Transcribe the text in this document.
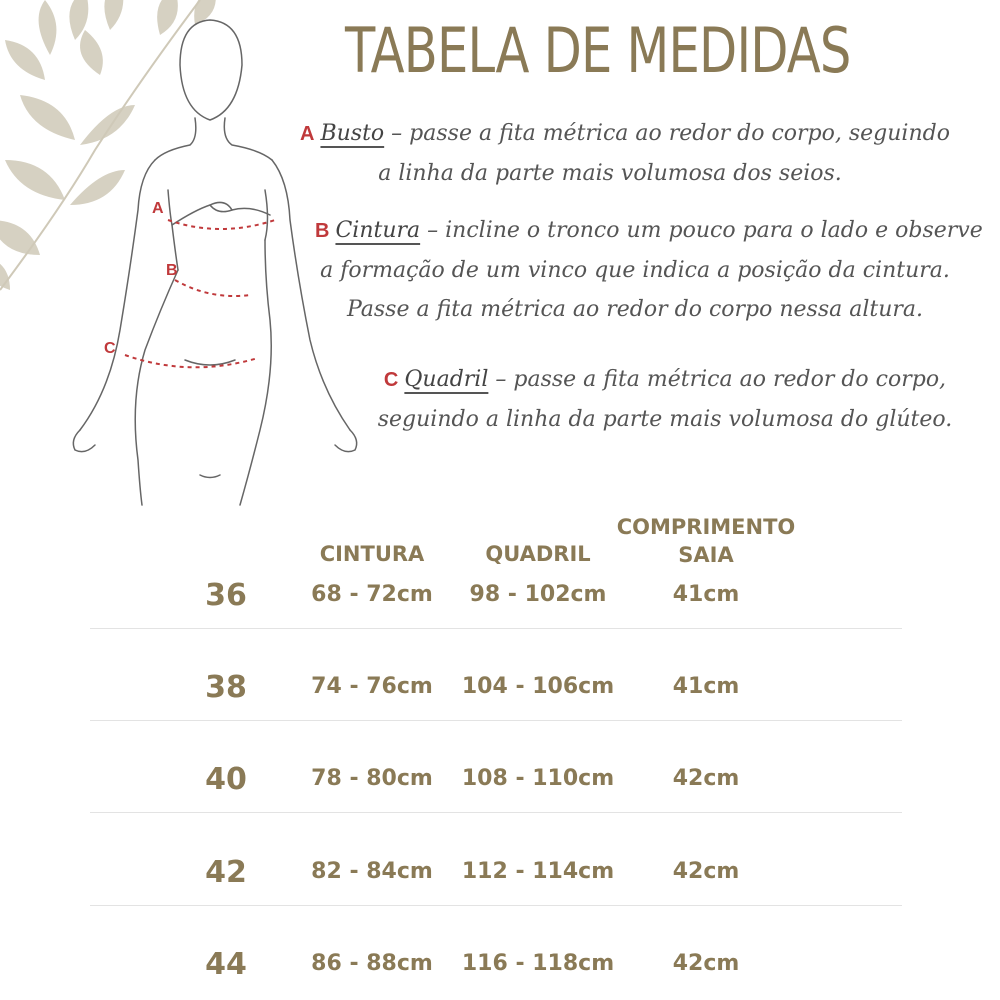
A
B
C
TABELA DE MEDIDAS
A Busto – passe a fita métrica ao redor do corpo, seguindo
a linha da parte mais volumosa dos seios.
B Cintura – incline o tronco um pouco para o lado e observe
a formação de um vinco que indica a posição da cintura.
Passe a fita métrica ao redor do corpo nessa altura.
C Quadril – passe a fita métrica ao redor do corpo,
seguindo a linha da parte mais volumosa do glúteo.
CINTURA	QUADRIL
COMPRIMENTO
SAIA
36	68 - 72cm	98 - 102cm	41cm
38	74 - 76cm	104 - 106cm	41cm
40	78 - 80cm	108 - 110cm	42cm
42	82 - 84cm	112 - 114cm	42cm
44	86 - 88cm	116 - 118cm	42cm
